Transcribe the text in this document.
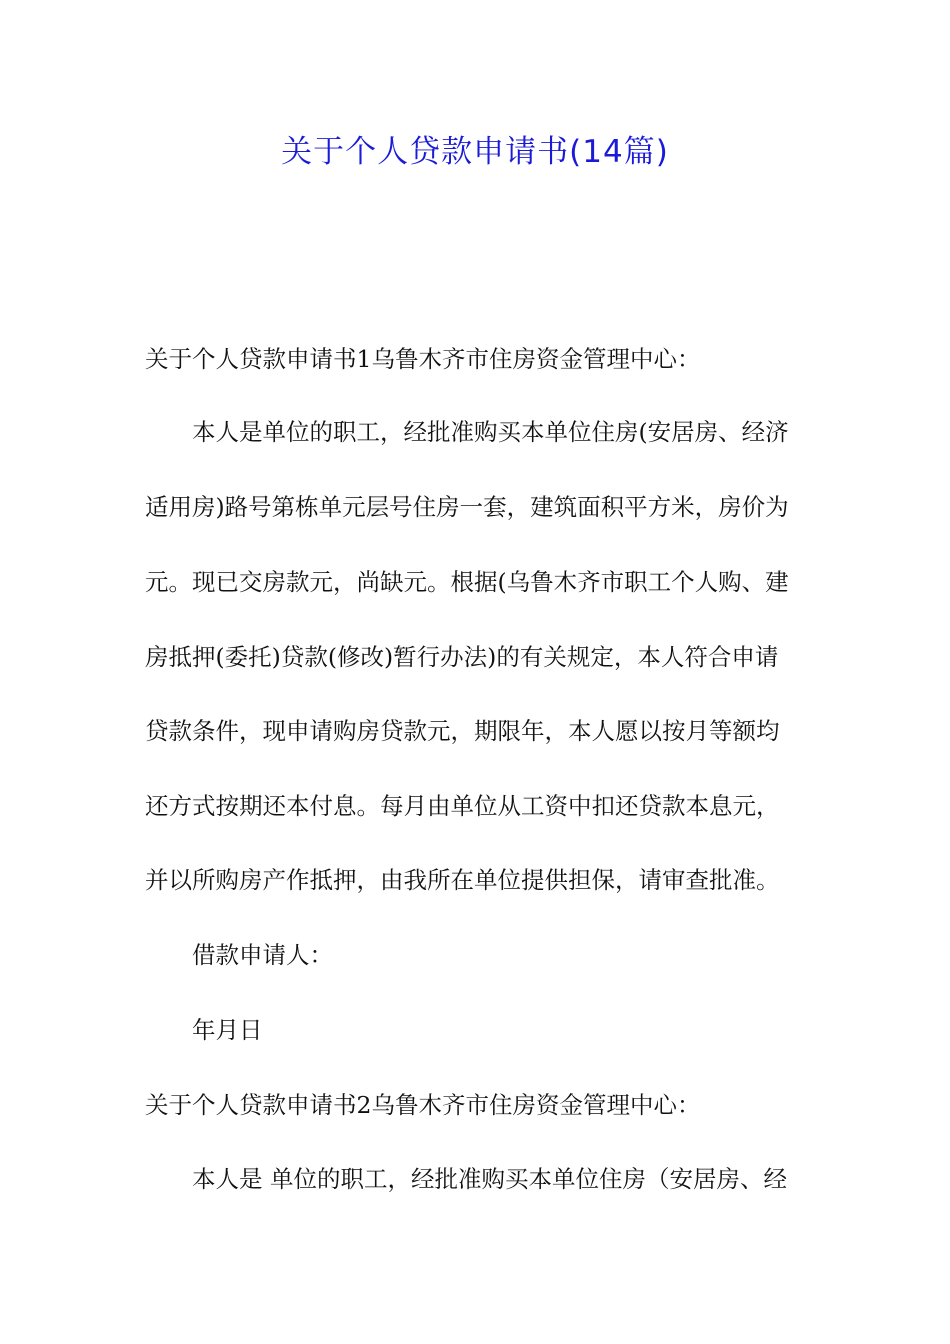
关于个人贷款申请书(14篇)

关于个人贷款申请书1乌鲁木齐市住房资金管理中心：

本人是单位的职工，经批准购买本单位住房(安居房、经济

适用房)路号第栋单元层号住房一套，建筑面积平方米，房价为

元。现已交房款元，尚缺元。根据(乌鲁木齐市职工个人购、建

房抵押(委托)贷款(修改)暂行办法)的有关规定，本人符合申请

贷款条件，现申请购房贷款元，期限年，本人愿以按月等额均

还方式按期还本付息。每月由单位从工资中扣还贷款本息元，

并以所购房产作抵押，由我所在单位提供担保，请审查批准。

借款申请人：

年月日

关于个人贷款申请书2乌鲁木齐市住房资金管理中心：

本人是 单位的职工，经批准购买本单位住房（安居房、经
